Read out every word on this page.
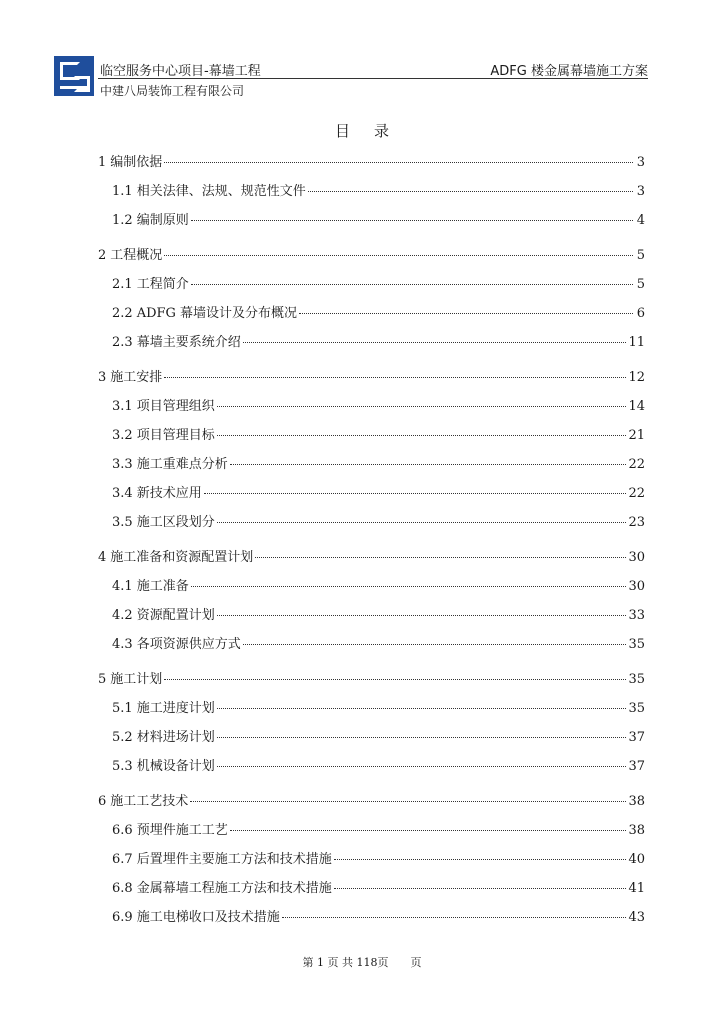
临空服务中心项目-幕墙工程	ADFG 楼金属幕墙施工方案
中建八局装饰工程有限公司
目录
1 编制依据	3
1.1 相关法律、法规、规范性文件	3
1.2 编制原则	4
2 工程概况	5
2.1 工程简介	5
2.2 ADFG 幕墙设计及分布概况	6
2.3 幕墙主要系统介绍	11
3 施工安排	12
3.1 项目管理组织	14
3.2 项目管理目标	21
3.3 施工重难点分析	22
3.4 新技术应用	22
3.5 施工区段划分	23
4 施工准备和资源配置计划	30
4.1 施工准备	30
4.2 资源配置计划	33
4.3 各项资源供应方式	35
5 施工计划	35
5.1 施工进度计划	35
5.2 材料进场计划	37
5.3 机械设备计划	37
6 施工工艺技术	38
6.6 预埋件施工工艺	38
6.7 后置埋件主要施工方法和技术措施	40
6.8 金属幕墙工程施工方法和技术措施	41
6.9 施工电梯收口及技术措施	43
第 1 页 共 118页　　页
